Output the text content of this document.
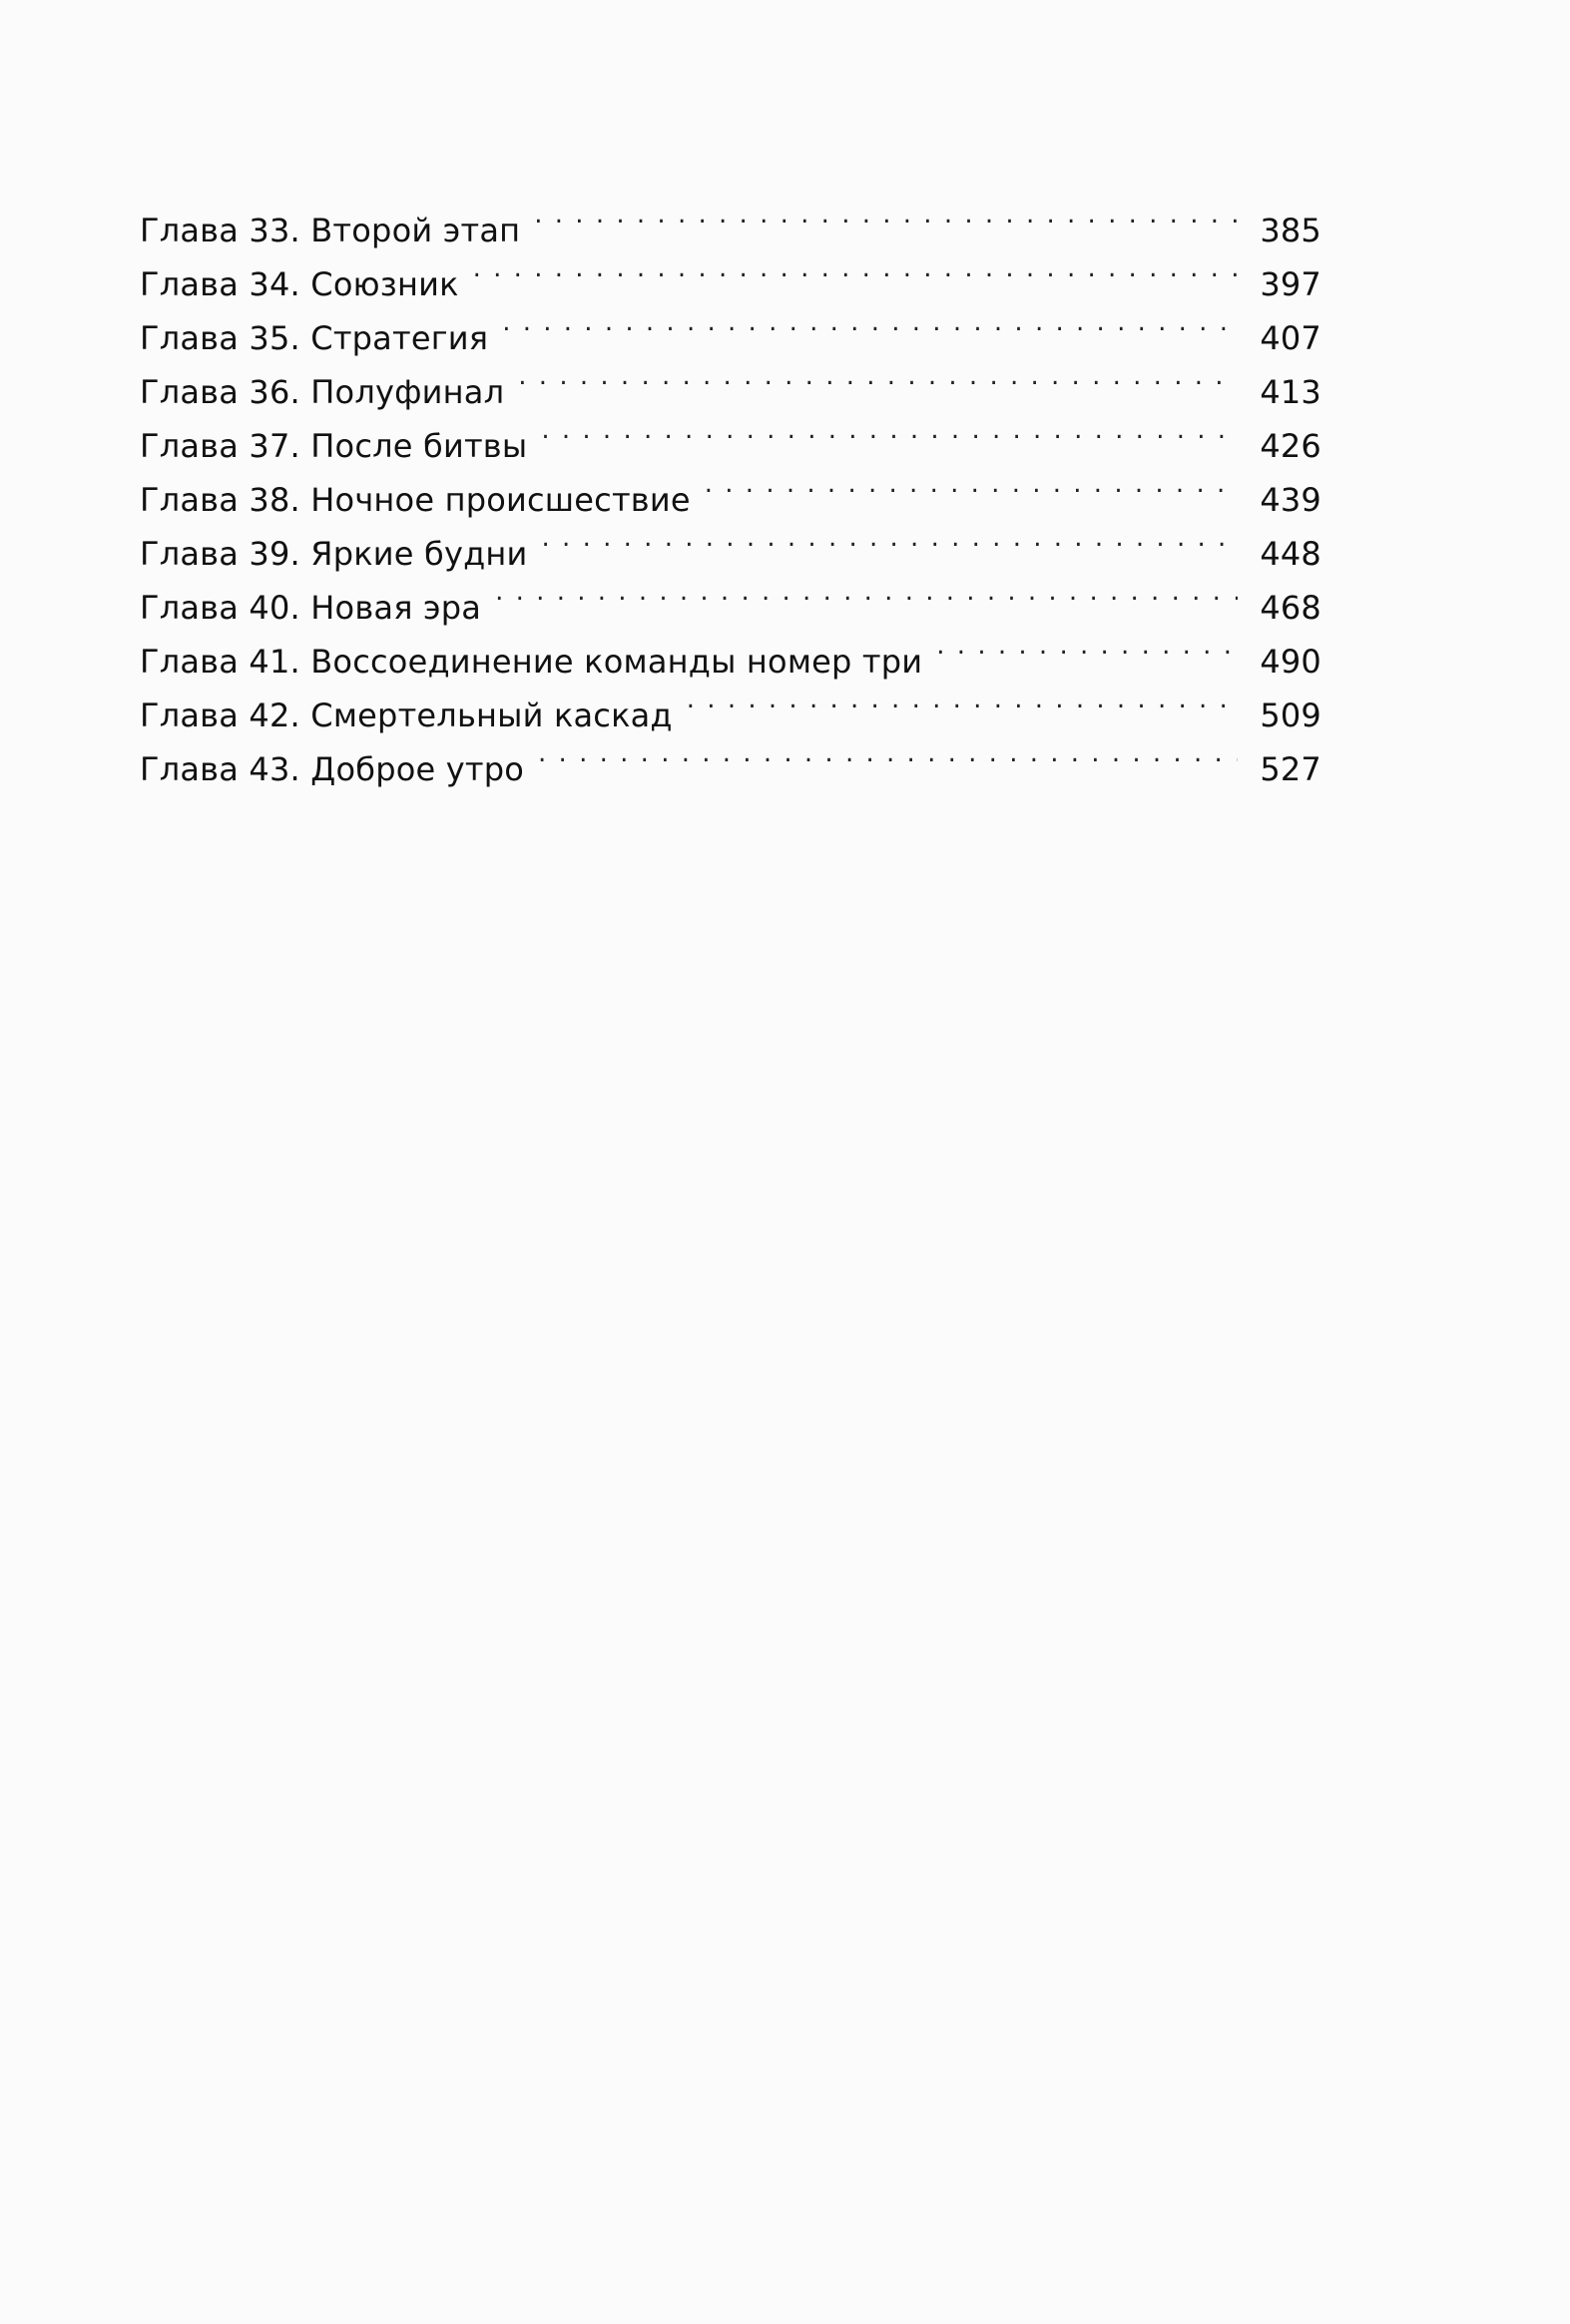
Глава 33. Второй этап . . .	385
Глава 34. Союзник . . .	397
Глава 35. Стратегия . . .	407
Глава 36. Полуфинал . . .	413
Глава 37. После битвы . . .	426
Глава 38. Ночное происшествие . . .	439
Глава 39. Яркие будни . . .	448
Глава 40. Новая эра . . .	468
Глава 41. Воссоединение команды номер три . . .	490
Глава 42. Смертельный каскад . . .	509
Глава 43. Доброе утро . . .	527
